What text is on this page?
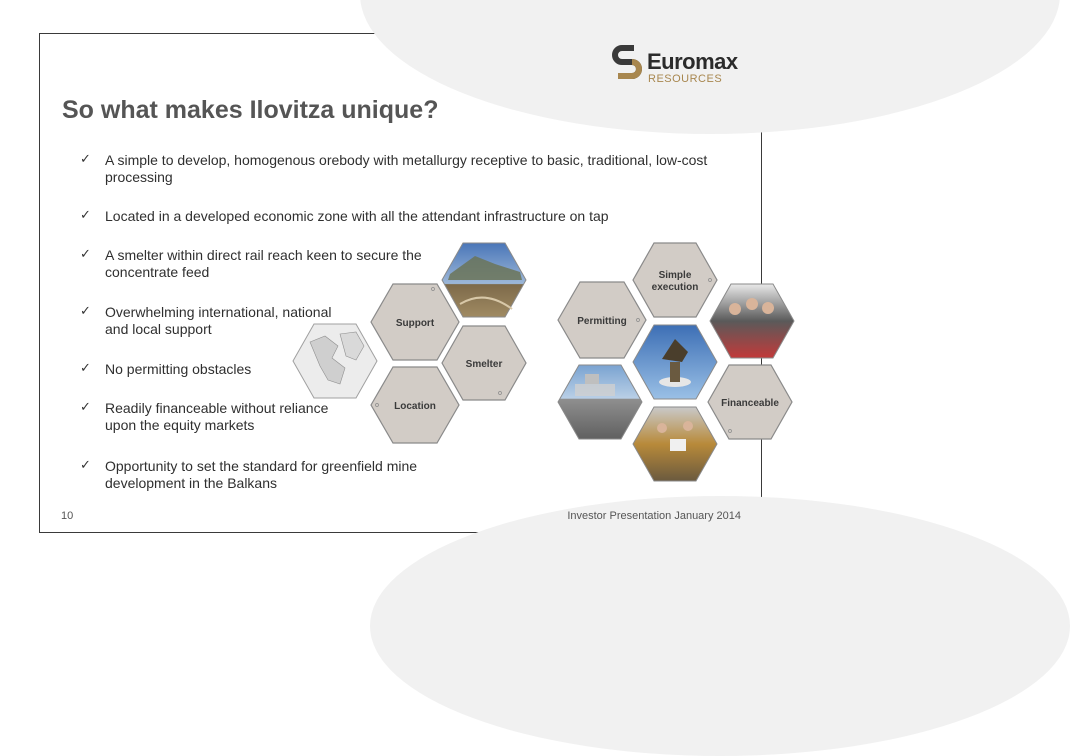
Euromax
RESOURCES
So what makes Ilovitza unique?
✓ A simple to develop, homogenous orebody with metallurgy receptive to basic, traditional, low-cost processing
✓ Located in a developed economic zone with all the attendant infrastructure on tap
✓ A smelter within direct rail reach keen to secure the concentrate feed
✓ Overwhelming international, national and local support
✓ No permitting obstacles
✓ Readily financeable without reliance upon the equity markets
✓ Opportunity to set the standard for greenfield mine development in the Balkans
Support
Location
Smelter
Permitting
Simple
execution
Financeable
10	Investor Presentation January 2014
